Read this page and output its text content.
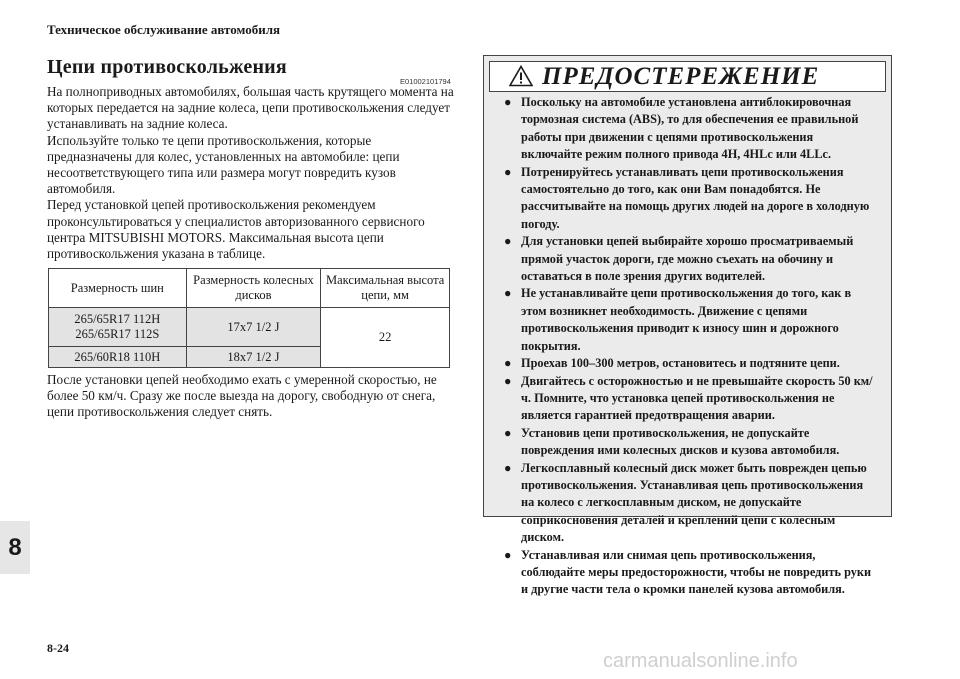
Техническое обслуживание автомобиля
Цепи противоскольжения
E01002101794

На полноприводных автомобилях, большая часть крутящего момента на которых передается на задние колеса, цепи противоскольжения следует устанавливать на задние колеса.

Используйте только те цепи противоскольжения, которые предназначены для колес, установленных на автомобиле: цепи несоответствующего типа или размера могут повредить кузов автомобиля.

Перед установкой цепей противоскольжения рекомендуем проконсультироваться у специалистов авторизованного сервисного центра MITSUBISHI MOTORS. Максимальная высота цепи противоскольжения указана в таблице.

Размерность шин	Размерность колесных дисков	Максимальная высота цепи, мм
265/65R17 112H 265/65R17 112S	17x7 1/2 J	22
265/60R18 110H	18x7 1/2 J	

После установки цепей необходимо ехать с умеренной скоростью, не более 50 км/ч. Сразу же после выезда на дорогу, свободную от снега, цепи противоскольжения следует снять.

ПРЕДОСТЕРЕЖЕНИЕ
● Поскольку на автомобиле установлена антиблокировочная тормозная система (ABS), то для обеспечения ее правильной работы при движении с цепями противоскольжения включайте режим полного привода 4H, 4HLc или 4LLc.
● Потренируйтесь устанавливать цепи противоскольжения самостоятельно до того, как они Вам понадобятся. Не рассчитывайте на помощь других людей на дороге в холодную погоду.
● Для установки цепей выбирайте хорошо просматриваемый прямой участок дороги, где можно съехать на обочину и оставаться в поле зрения других водителей.
● Не устанавливайте цепи противоскольжения до того, как в этом возникнет необходимость. Движение с цепями противоскольжения приводит к износу шин и дорожного покрытия.
● Проехав 100–300 метров, остановитесь и подтяните цепи.
● Двигайтесь с осторожностью и не превышайте скорость 50 км/ч. Помните, что установка цепей противоскольжения не является гарантией предотвращения аварии.
● Установив цепи противоскольжения, не допускайте повреждения ими колесных дисков и кузова автомобиля.
● Легкосплавный колесный диск может быть поврежден цепью противоскольжения. Устанавливая цепь противоскольжения на колесо с легкосплавным диском, не допускайте соприкосновения деталей и креплений цепи с колесным диском.
● Устанавливая или снимая цепь противоскольжения, соблюдайте меры предосторожности, чтобы не повредить руки и другие части тела о кромки панелей кузова автомобиля.
8
8-24
carmanualsonline.info
